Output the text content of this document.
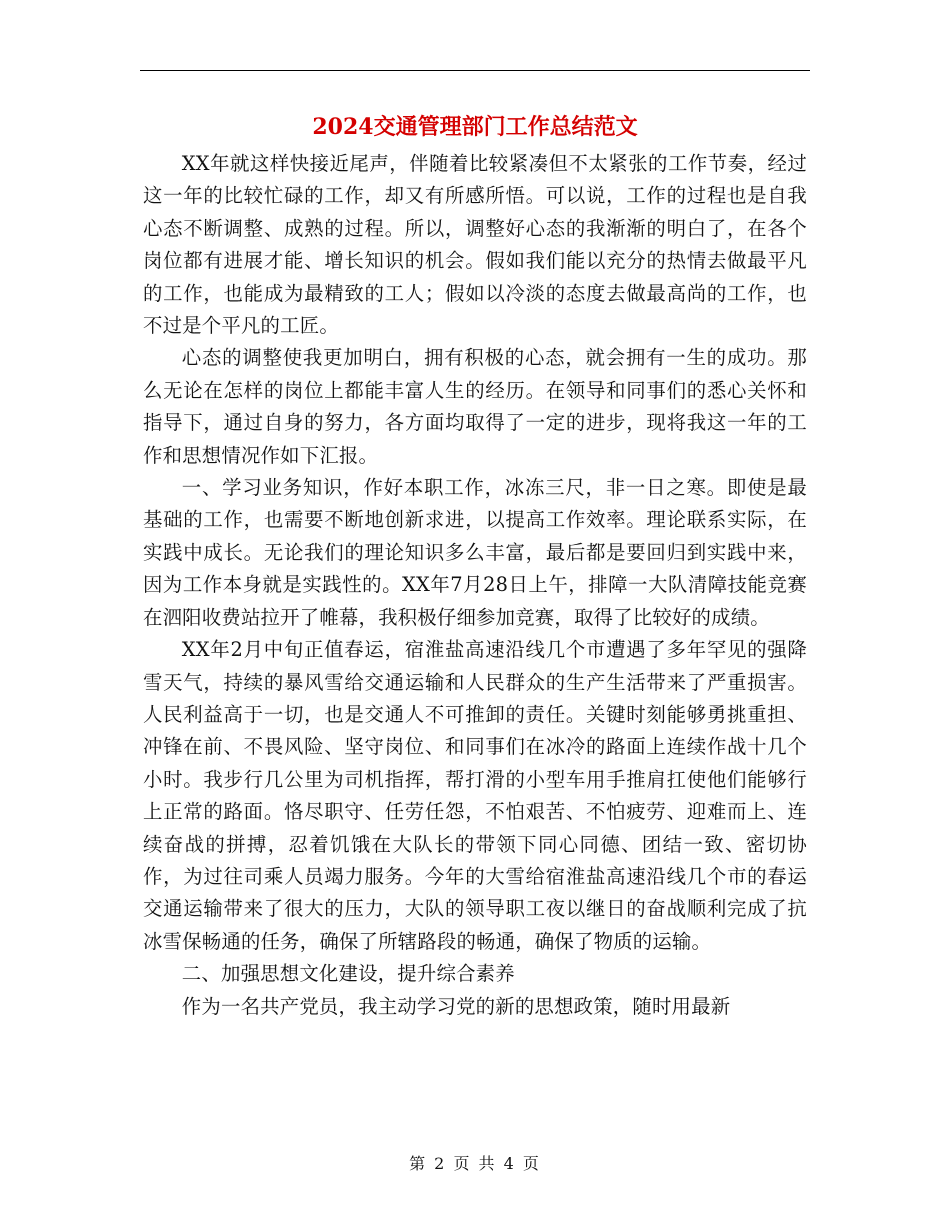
2024交通管理部门工作总结范文

XX年就这样快接近尾声，伴随着比较紧凑但不太紧张的工作节奏，经过这一年的比较忙碌的工作，却又有所感所悟。可以说，工作的过程也是自我心态不断调整、成熟的过程。所以，调整好心态的我渐渐的明白了，在各个岗位都有进展才能、增长知识的机会。假如我们能以充分的热情去做最平凡的工作，也能成为最精致的工人；假如以冷淡的态度去做最高尚的工作，也不过是个平凡的工匠。

心态的调整使我更加明白，拥有积极的心态，就会拥有一生的成功。那么无论在怎样的岗位上都能丰富人生的经历。在领导和同事们的悉心关怀和指导下，通过自身的努力，各方面均取得了一定的进步，现将我这一年的工作和思想情况作如下汇报。

一、学习业务知识，作好本职工作，冰冻三尺，非一日之寒。即使是最基础的工作，也需要不断地创新求进，以提高工作效率。理论联系实际，在实践中成长。无论我们的理论知识多么丰富，最后都是要回归到实践中来，因为工作本身就是实践性的。XX年7月28日上午，排障一大队清障技能竞赛在泗阳收费站拉开了帷幕，我积极仔细参加竞赛，取得了比较好的成绩。

XX年2月中旬正值春运，宿淮盐高速沿线几个市遭遇了多年罕见的强降雪天气，持续的暴风雪给交通运输和人民群众的生产生活带来了严重损害。人民利益高于一切，也是交通人不可推卸的责任。关键时刻能够勇挑重担、冲锋在前、不畏风险、坚守岗位、和同事们在冰冷的路面上连续作战十几个小时。我步行几公里为司机指挥，帮打滑的小型车用手推肩扛使他们能够行上正常的路面。恪尽职守、任劳任怨，不怕艰苦、不怕疲劳、迎难而上、连续奋战的拼搏，忍着饥饿在大队长的带领下同心同德、团结一致、密切协作，为过往司乘人员竭力服务。今年的大雪给宿淮盐高速沿线几个市的春运交通运输带来了很大的压力，大队的领导职工夜以继日的奋战顺利完成了抗冰雪保畅通的任务，确保了所辖路段的畅通，确保了物质的运输。

二、加强思想文化建设，提升综合素养

作为一名共产党员，我主动学习党的新的思想政策，随时用最新

第 2 页 共 4 页
